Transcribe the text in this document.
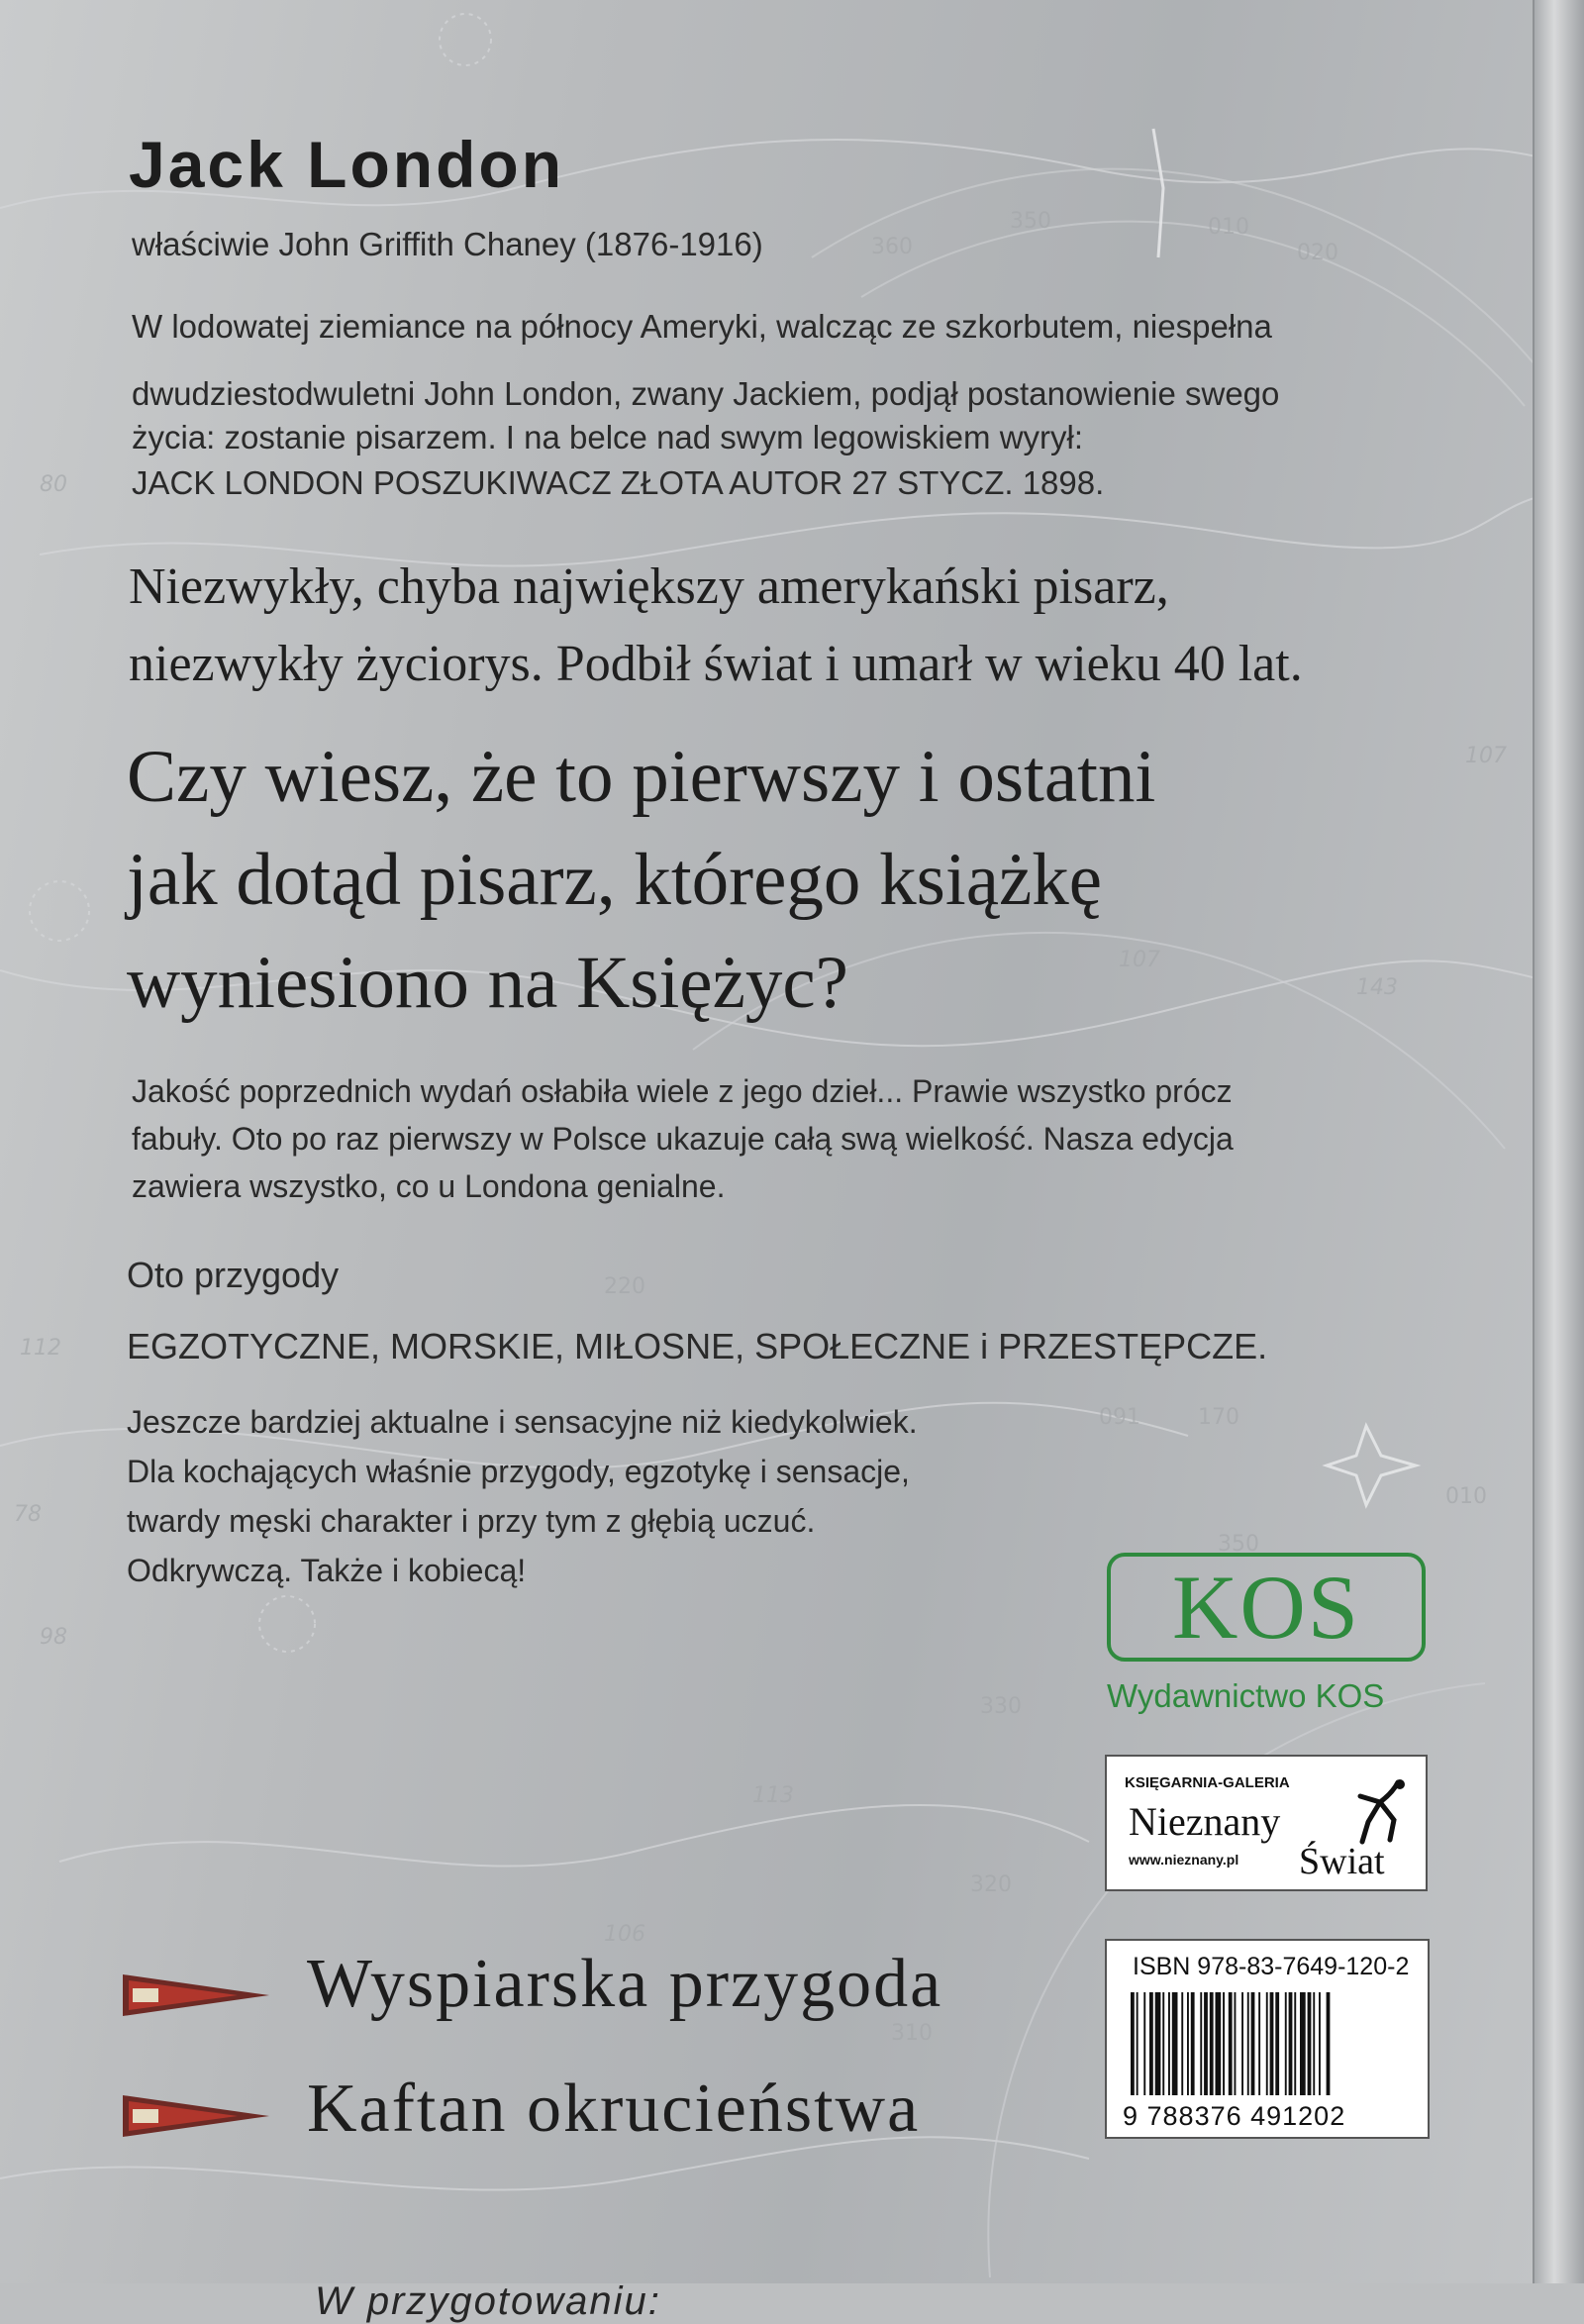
360
350	010
020
091	170
010
350
220
330
320
310
80
112
78
98
107
107
143
106
113
Jack London

właściwie John Griffith Chaney (1876-1916)

W lodowatej ziemiance na północy Ameryki, walcząc ze szkorbutem, niespełna

dwudziestodwuletni John London, zwany Jackiem, podjął postanowienie swego

życia: zostanie pisarzem. I na belce nad swym legowiskiem wyrył:

JACK LONDON POSZUKIWACZ ZŁOTA AUTOR 27 STYCZ. 1898.

Niezwykły, chyba największy amerykański pisarz,

niezwykły życiorys. Podbił świat i umarł w wieku 40 lat.

Czy wiesz, że to pierwszy i ostatni

jak dotąd pisarz, którego książkę

wyniesiono na Księżyc?

Jakość poprzednich wydań osłabiła wiele z jego dzieł... Prawie wszystko prócz

fabuły. Oto po raz pierwszy w Polsce ukazuje całą swą wielkość. Nasza edycja

zawiera wszystko, co u Londona genialne.

Oto przygody

EGZOTYCZNE, MORSKIE, MIŁOSNE, SPOŁECZNE i PRZESTĘPCZE.

Jeszcze bardziej aktualne i sensacyjne niż kiedykolwiek.

Dla kochających właśnie przygody, egzotykę i sensacje,

twardy męski charakter i przy tym z głębią uczuć.

Odkrywczą. Także i kobiecą!	KOS

Wydawnictwo KOS

KSIĘGARNIA-GALERIA
Nieznany
www.nieznany.pl Świat

W przygotowaniu:

Wyspiarska przygoda

Kaftan okrucieństwa

ISBN 978-83-7649-120-2
9 788376 491202
